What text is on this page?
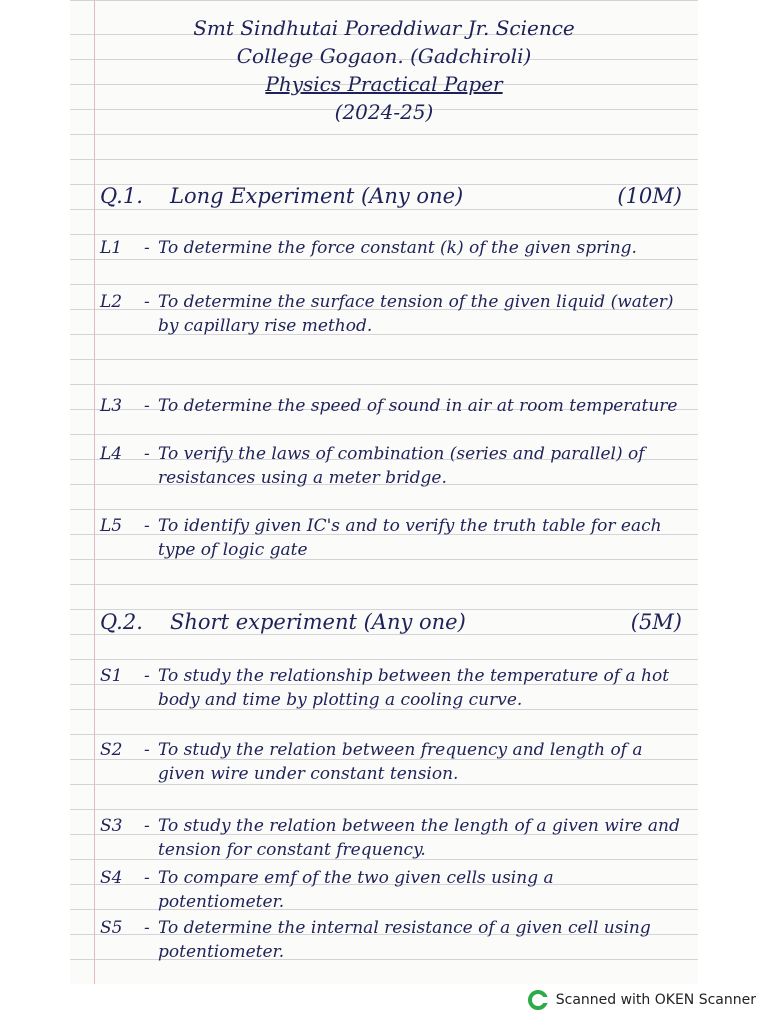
Smt Sindhutai Poreddiwar Jr. Science
College Gogaon. (Gadchiroli)
Physics Practical Paper
(2024-25)
Q.1.	Long Experiment (Any one)	(10M)
L1	- To determine the force constant (k) of the given spring.
L2	- To determine the surface tension of the given liquid (water) by capillary rise method.
L3	- To determine the speed of sound in air at room temperature
L4	- To verify the laws of combination (series and parallel) of resistances using a meter bridge.
L5	- To identify given IC's and to verify the truth table for each type of logic gate
Q.2.	Short experiment (Any one)	(5M)
S1	- To study the relationship between the temperature of a hot body and time by plotting a cooling curve.
S2	- To study the relation between frequency and length of a given wire under constant tension.
S3	- To study the relation between the length of a given wire and tension for constant frequency.
S4	- To compare emf of the two given cells using a potentiometer.
S5	- To determine the internal resistance of a given cell using potentiometer.
Scanned with OKEN Scanner
